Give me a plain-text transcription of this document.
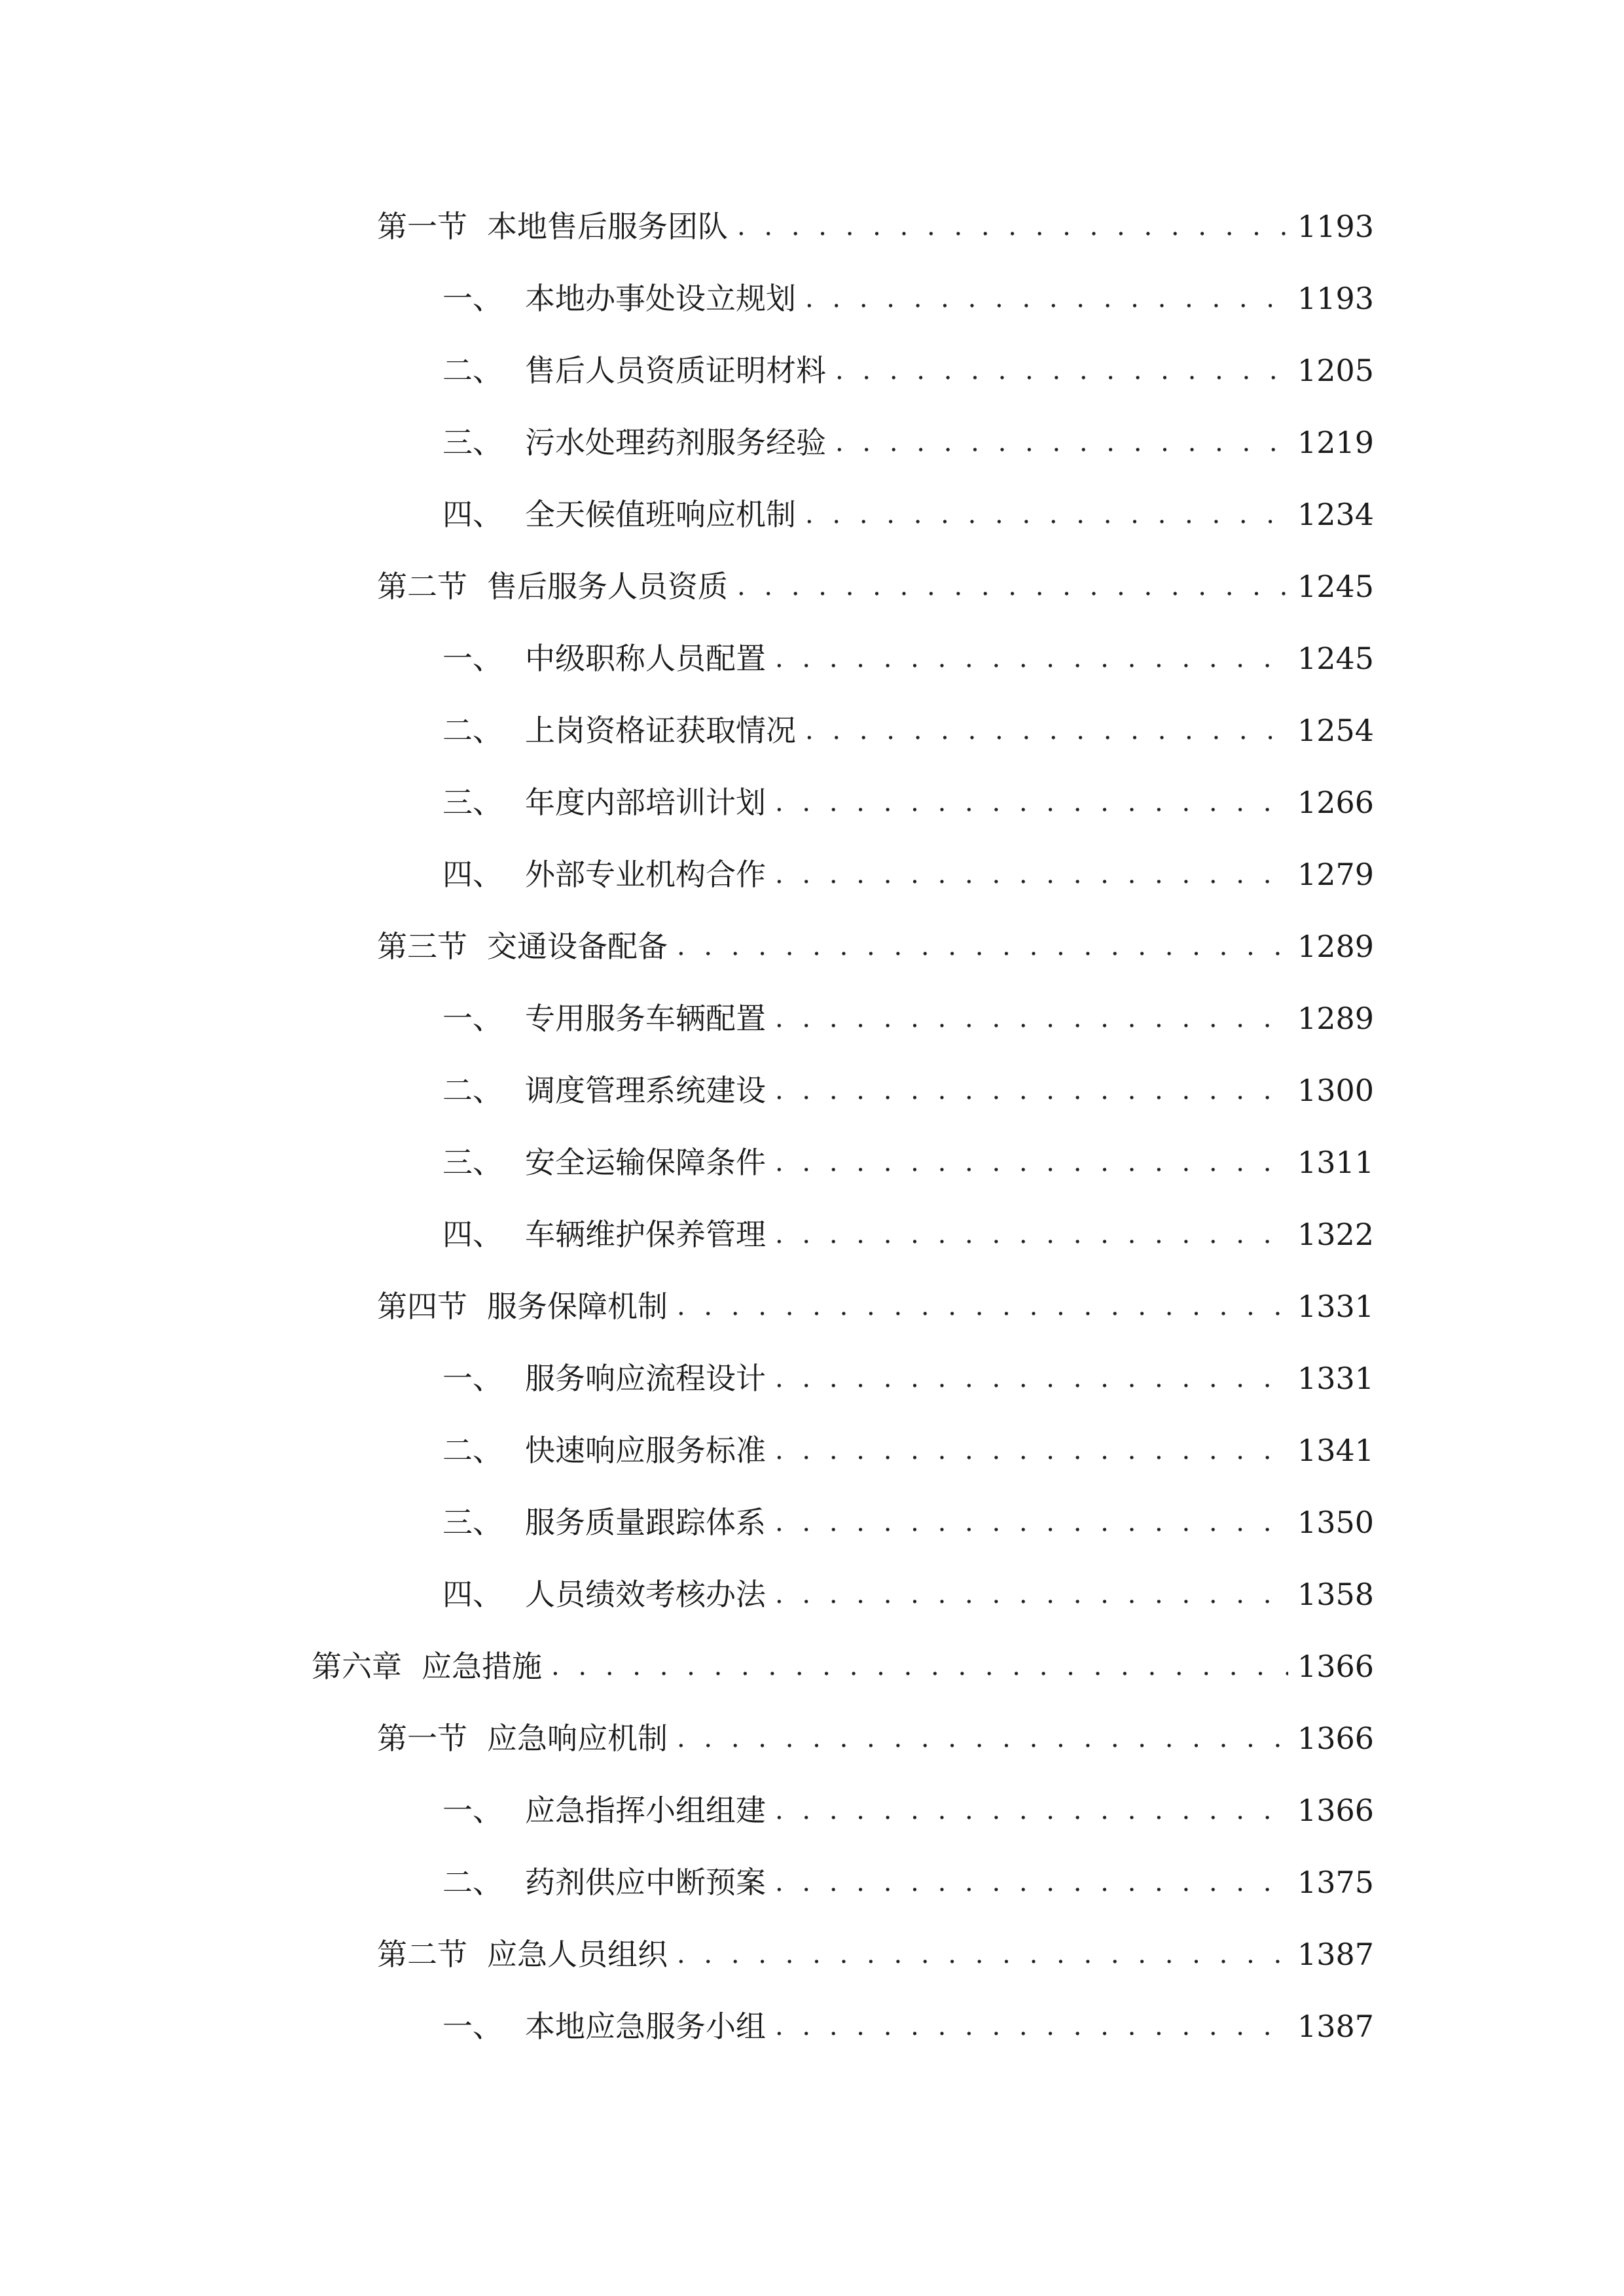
第一节 本地售后服务团队 . . .	1193
一、 本地办事处设立规划 . . .	1193
二、 售后人员资质证明材料 . . .	1205
三、 污水处理药剂服务经验 . . .	1219
四、 全天候值班响应机制 . . .	1234
第二节 售后服务人员资质 . . .	1245
一、 中级职称人员配置 . . .	1245
二、 上岗资格证获取情况 . . .	1254
三、 年度内部培训计划 . . .	1266
四、 外部专业机构合作 . . .	1279
第三节 交通设备配备 . . .	1289
一、 专用服务车辆配置 . . .	1289
二、 调度管理系统建设 . . .	1300
三、 安全运输保障条件 . . .	1311
四、 车辆维护保养管理 . . .	1322
第四节 服务保障机制 . . .	1331
一、 服务响应流程设计 . . .	1331
二、 快速响应服务标准 . . .	1341
三、 服务质量跟踪体系 . . .	1350
四、 人员绩效考核办法 . . .	1358
第六章 应急措施 . . .	1366
第一节 应急响应机制 . . .	1366
一、 应急指挥小组组建 . . .	1366
二、 药剂供应中断预案 . . .	1375
第二节 应急人员组织 . . .	1387
一、 本地应急服务小组 . . .	1387
